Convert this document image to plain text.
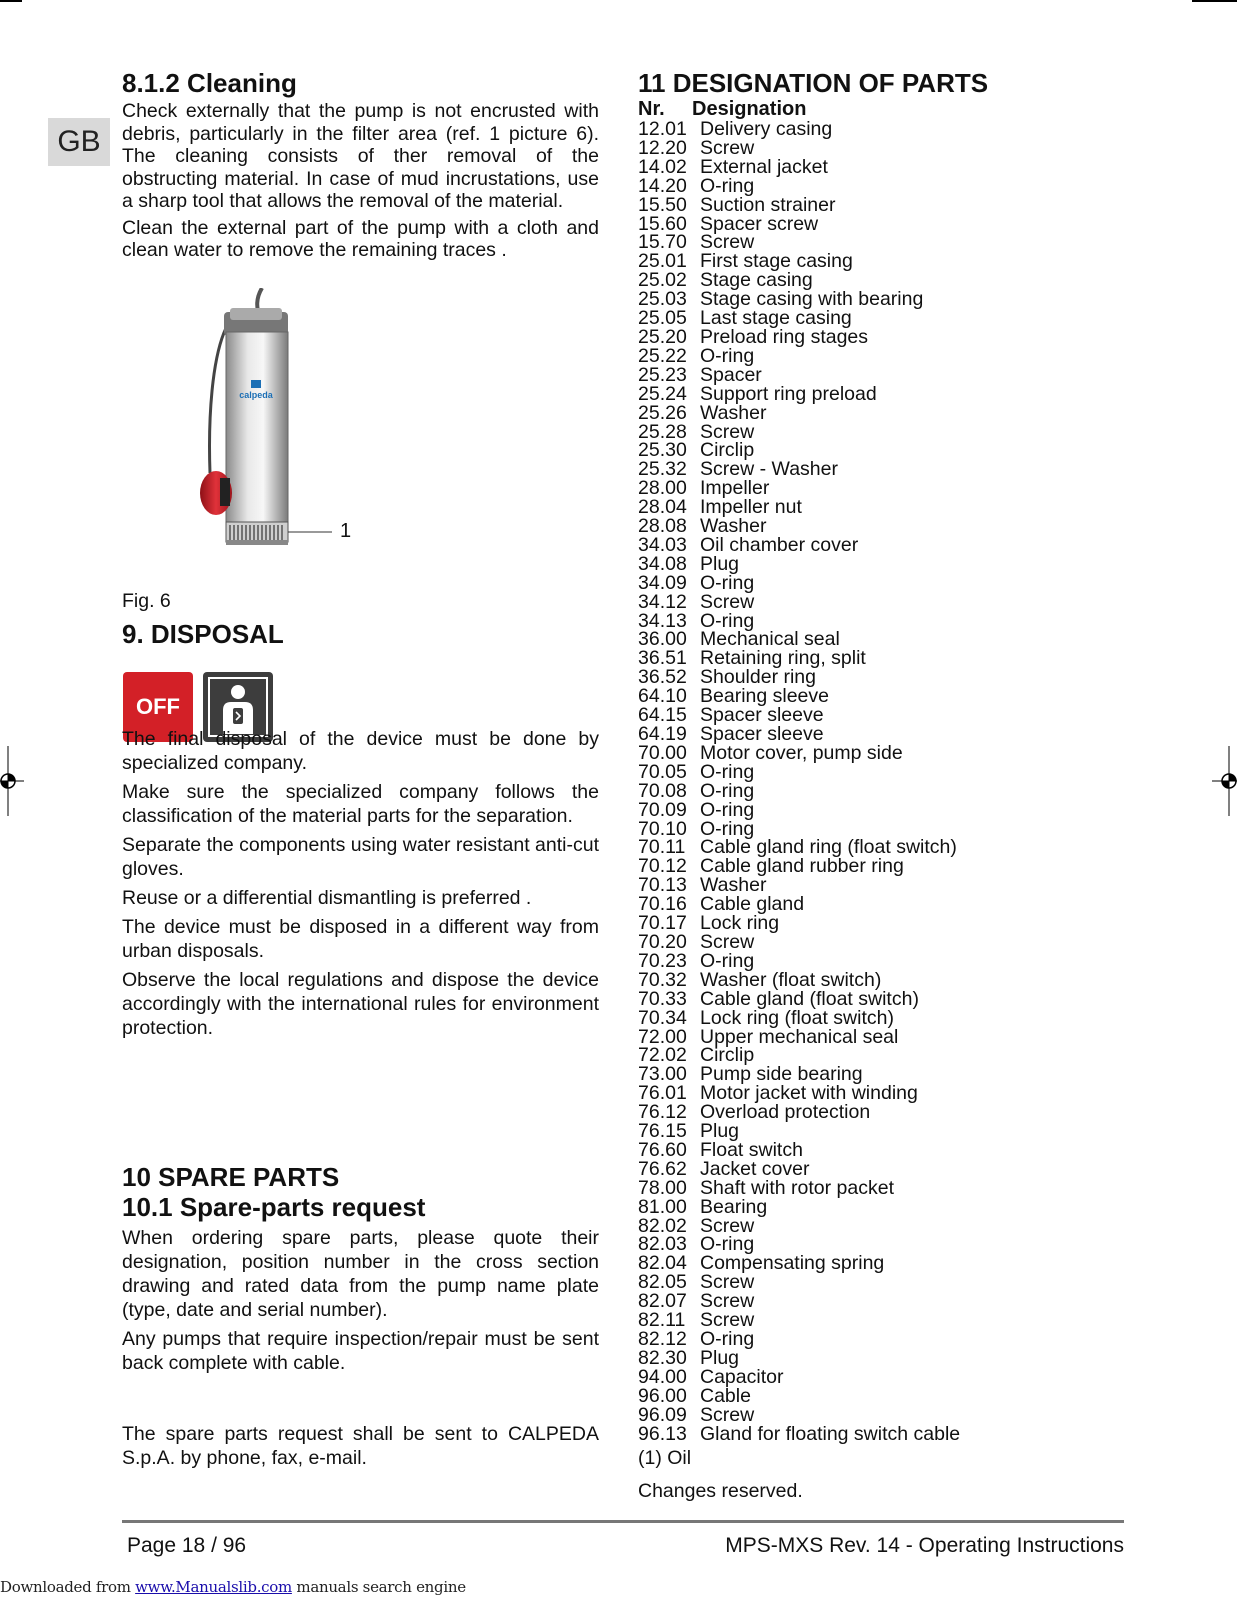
GB
8.1.2 Cleaning

Check externally that the pump is not encrusted with debris, particularly in the filter area (ref. 1 picture 6). The cleaning consists of ther removal of the obstructing material. In case of mud incrustations, use a sharp tool that allows the removal of the material.

Clean the external part of the pump with a cloth and clean water to remove the remaining traces .

calpeda
1
Fig. 6
9. DISPOSAL
OFF

The final disposal of the device must be done by specialized company.

Make sure the specialized company follows the classification of the material parts for the separation.

Separate the components using water resistant anti-cut gloves.

Reuse or a differential dismantling is preferred .

The device must be disposed in a different way from urban disposals.

Observe the local regulations and dispose the device accordingly with the international rules for environment protection.

10 SPARE PARTS
10.1 Spare-parts request

When ordering spare parts, please quote their designation, position number in the cross section drawing and rated data from the pump name plate (type, date and serial number).

Any pumps that require inspection/repair must be sent back complete with cable.

The spare parts request shall be sent to CALPEDA S.p.A. by phone, fax, e-mail.

11 DESIGNATION OF PARTS
Nr. Designation
12.01 Delivery casing
12.20 Screw
14.02 External jacket
14.20 O-ring
15.50 Suction strainer
15.60 Spacer screw
15.70 Screw
25.01 First stage casing
25.02 Stage casing
25.03 Stage casing with bearing
25.05 Last stage casing
25.20 Preload ring stages
25.22 O-ring
25.23 Spacer
25.24 Support ring preload
25.26 Washer
25.28 Screw
25.30 Circlip
25.32 Screw - Washer
28.00 Impeller
28.04 Impeller nut
28.08 Washer
34.03 Oil chamber cover
34.08 Plug
34.09 O-ring
34.12 Screw
34.13 O-ring
36.00 Mechanical seal
36.51 Retaining ring, split
36.52 Shoulder ring
64.10 Bearing sleeve
64.15 Spacer sleeve
64.19 Spacer sleeve
70.00 Motor cover, pump side
70.05 O-ring
70.08 O-ring
70.09 O-ring
70.10 O-ring
70.11 Cable gland ring (float switch)
70.12 Cable gland rubber ring
70.13 Washer
70.16 Cable gland
70.17 Lock ring
70.20 Screw
70.23 O-ring
70.32 Washer (float switch)
70.33 Cable gland (float switch)
70.34 Lock ring (float switch)
72.00 Upper mechanical seal
72.02 Circlip
73.00 Pump side bearing
76.01 Motor jacket with winding
76.12 Overload protection
76.15 Plug
76.60 Float switch
76.62 Jacket cover
78.00 Shaft with rotor packet
81.00 Bearing
82.02 Screw
82.03 O-ring
82.04 Compensating spring
82.05 Screw
82.07 Screw
82.11 Screw
82.12 O-ring
82.30 Plug
94.00 Capacitor
96.00 Cable
96.09 Screw
96.13 Gland for floating switch cable
(1) Oil
Changes reserved.
Page 18 / 96	MPS-MXS Rev. 14 - Operating Instructions
Downloaded from www.Manualslib.com manuals search engine
